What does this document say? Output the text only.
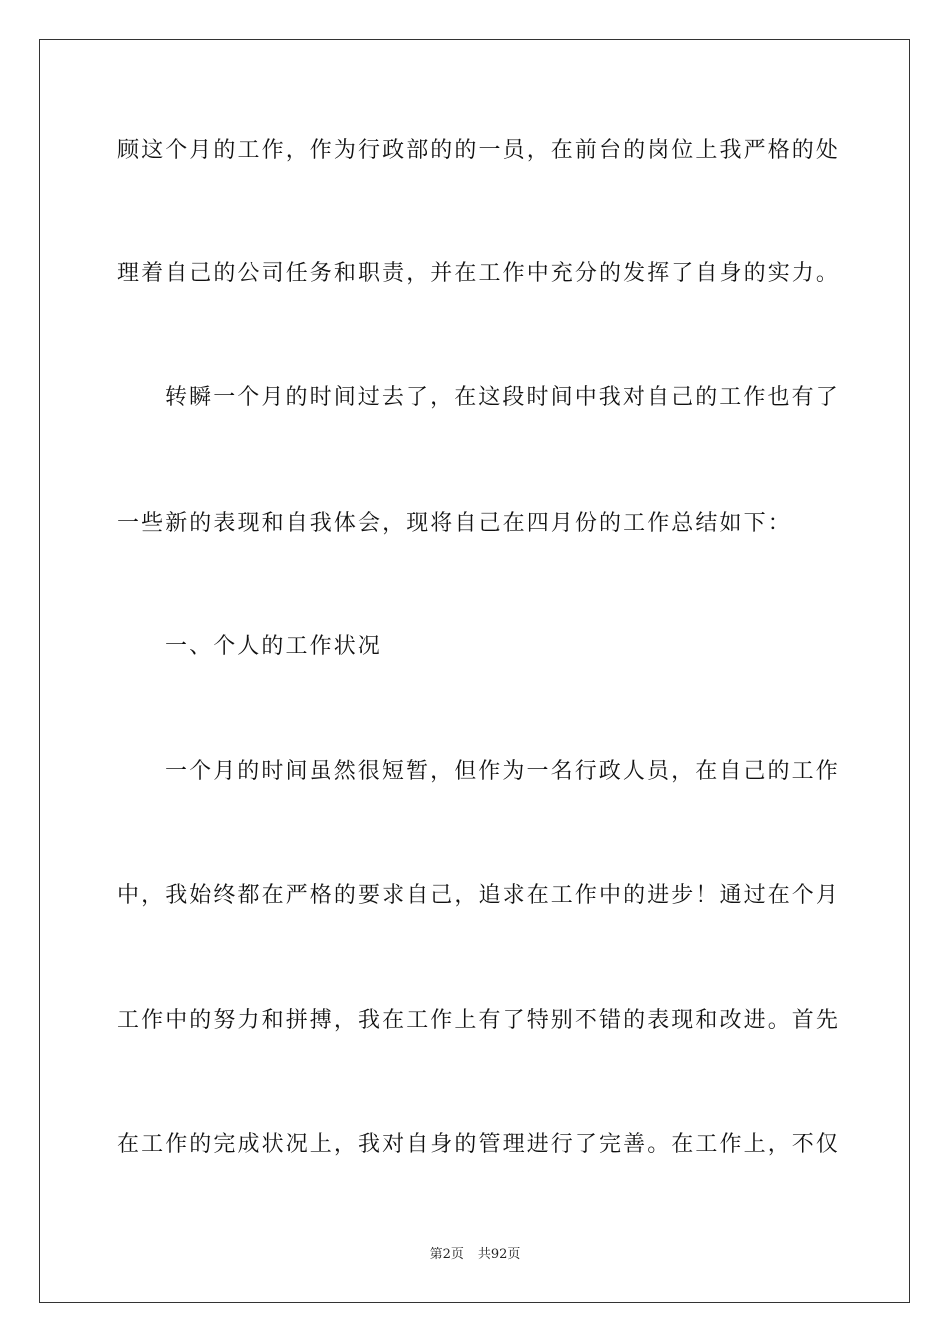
顾这个月的工作，作为行政部的的一员，在前台的岗位上我严格的处
理着自己的公司任务和职责，并在工作中充分的发挥了自身的实力。
转瞬一个月的时间过去了，在这段时间中我对自己的工作也有了
一些新的表现和自我体会，现将自己在四月份的工作总结如下：
一、个人的工作状况
一个月的时间虽然很短暂，但作为一名行政人员，在自己的工作
中，我始终都在严格的要求自己，追求在工作中的进步！通过在个月
工作中的努力和拼搏，我在工作上有了特别不错的表现和改进。首先
在工作的完成状况上，我对自身的管理进行了完善。在工作上，不仅
第2页 共92页
